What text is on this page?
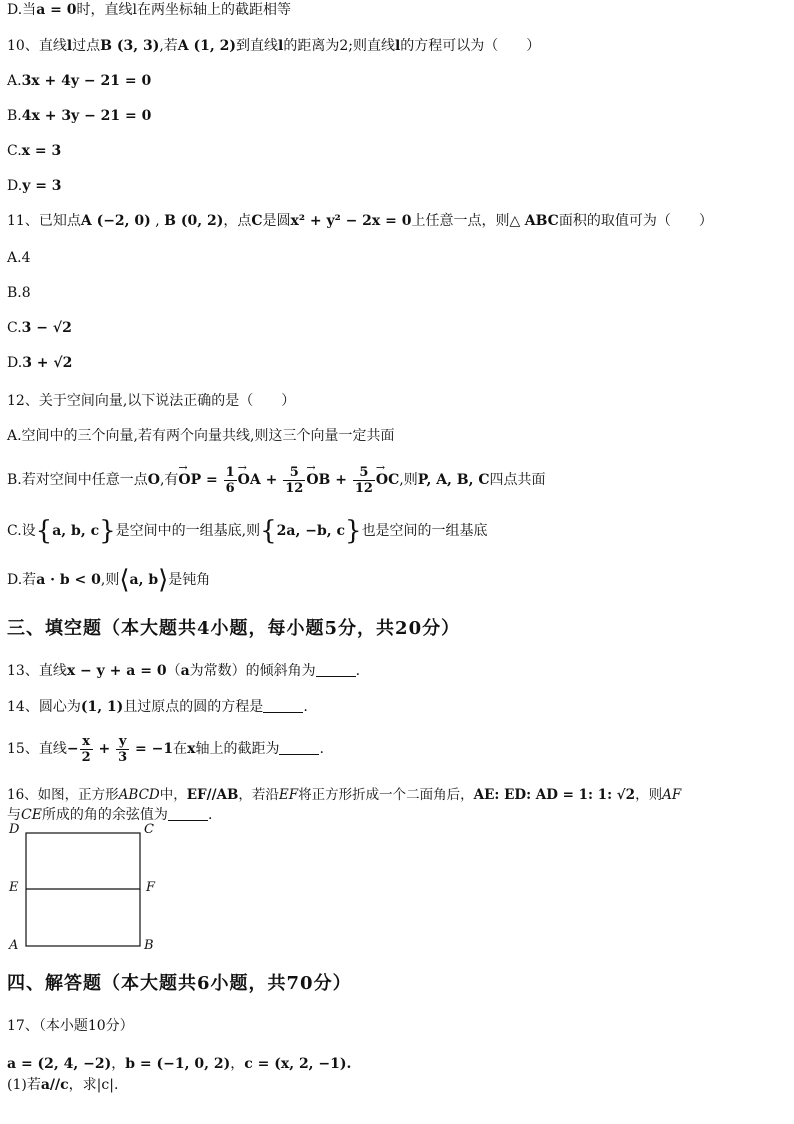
D.当a = 0时，直线l在两坐标轴上的截距相等
10、直线l过点B (3, 3),若A (1, 2)到直线l的距离为2;则直线l的方程可以为（　　）
A.3x + 4y − 21 = 0
B.4x + 3y − 21 = 0
C.x = 3
D.y = 3
11、已知点A (−2, 0) , B (0, 2)，点C是圆x² + y² − 2x = 0上任意一点，则△ ABC面积的取值可为（　　）
A.4
B.8
C.3 − √2
D.3 + √2
12、关于空间向量,以下说法正确的是（　　）
A.空间中的三个向量,若有两个向量共线,则这三个向量一定共面
B.若对空间中任意一点O,有→ OP = $\frac{1}{6}$ → OA + $\frac{5}{12}$ → OB + $\frac{5}{12}$ → OC,则P, A, B, C四点共面
C.设{a, b, c}是空间中的一组基底,则{2a, −b, c}也是空间的一组基底
D.若a · b < 0,则⟨a, b⟩是钝角
三、填空题（本大题共4小题，每小题5分，共20分）
13、直线x − y + a = 0（a为常数）的倾斜角为	.
14、圆心为(1, 1)且过原点的圆的方程是	.
15、直线− $\frac{x}{2} + \frac{y}{3} = -1$在x轴上的截距为	.
16、如图，正方形ABCD中，EF//AB，若沿EF将正方形折成一个二面角后，AE: ED: AD = 1: 1: √2，则AF
与CE所成的角的余弦值为	.
D	C
E	F
A	B
四、解答题（本大题共6小题，共70分）
17、（本小题10分）
a = (2, 4, −2)，b = (−1, 0, 2)，c = (x, 2, −1).
(1)若a//c，求|c|.
